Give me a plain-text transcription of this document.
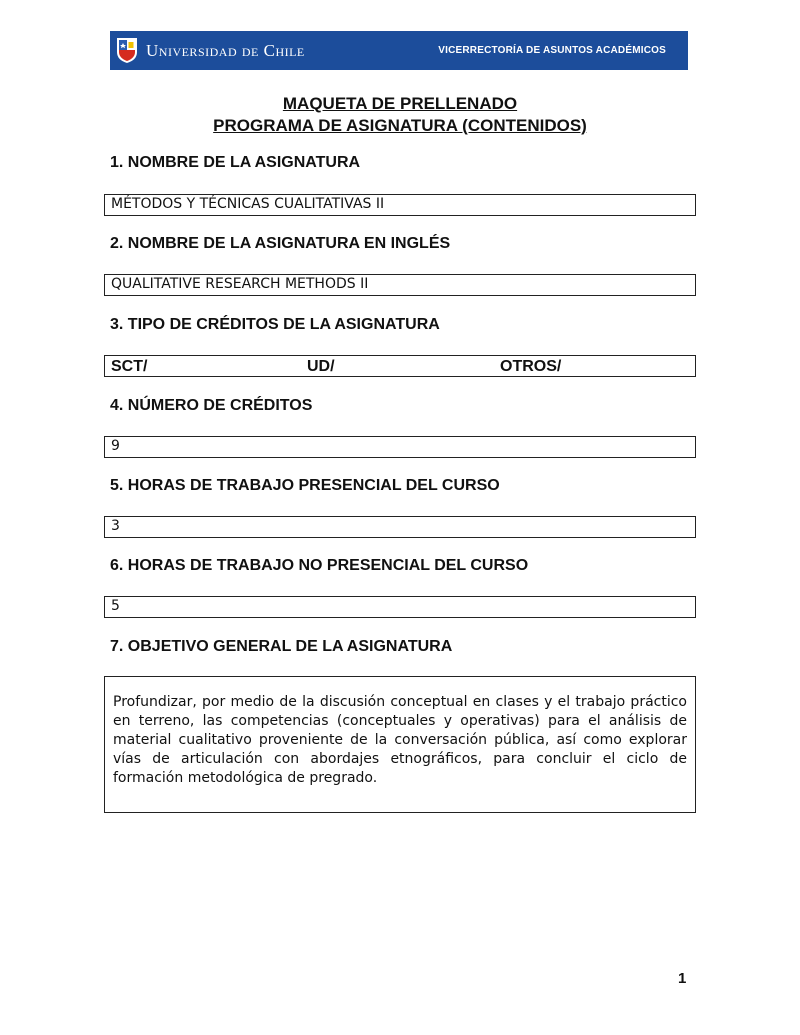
Universidad de Chile	VICERRECTORÍA DE ASUNTOS ACADÉMICOS
MAQUETA DE PRELLENADO
PROGRAMA DE ASIGNATURA (CONTENIDOS)
1. NOMBRE DE LA ASIGNATURA
MÉTODOS Y TÉCNICAS CUALITATIVAS II
2. NOMBRE DE LA ASIGNATURA EN INGLÉS
QUALITATIVE RESEARCH METHODS II
3. TIPO DE CRÉDITOS DE LA ASIGNATURA
SCT/	UD/	OTROS/
4. NÚMERO DE CRÉDITOS
9
5. HORAS DE TRABAJO PRESENCIAL DEL CURSO
3
6. HORAS DE TRABAJO NO PRESENCIAL DEL CURSO
5
7. OBJETIVO GENERAL DE LA ASIGNATURA
Profundizar, por medio de la discusión conceptual en clases y el trabajo práctico en terreno, las competencias (conceptuales y operativas) para el análisis de material cualitativo proveniente de la conversación pública, así como explorar vías de articulación con abordajes etnográficos, para concluir el ciclo de formación metodológica de pregrado.
1
